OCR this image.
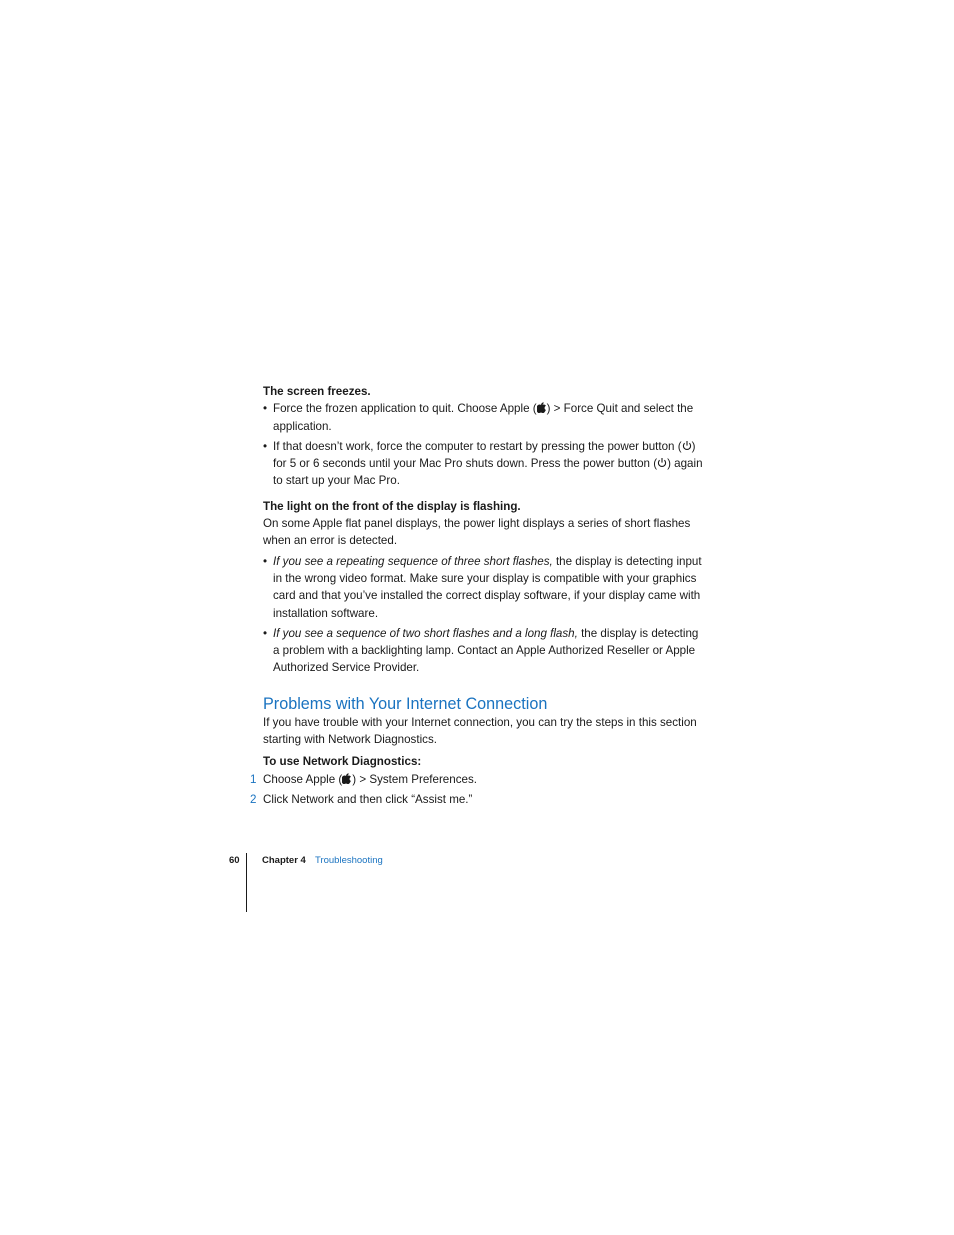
The screen freezes.

• Force the frozen application to quit. Choose Apple ( ) > Force Quit and select the application.
• If that doesn’t work, force the computer to restart by pressing the power button ( ) for 5 or 6 seconds until your Mac Pro shuts down. Press the power button ( ) again to start up your Mac Pro.

The light on the front of the display is flashing.

On some Apple flat panel displays, the power light displays a series of short flashes when an error is detected.

• If you see a repeating sequence of three short flashes, the display is detecting input in the wrong video format. Make sure your display is compatible with your graphics card and that you’ve installed the correct display software, if your display came with installation software.
• If you see a sequence of two short flashes and a long flash, the display is detecting a problem with a backlighting lamp. Contact an Apple Authorized Reseller or Apple Authorized Service Provider.
Problems with Your Internet Connection

If you have trouble with your Internet connection, you can try the steps in this section starting with Network Diagnostics.

To use Network Diagnostics:

1 Choose Apple ( ) > System Preferences.
2 Click Network and then click “Assist me.”
60 Chapter 4 Troubleshooting
